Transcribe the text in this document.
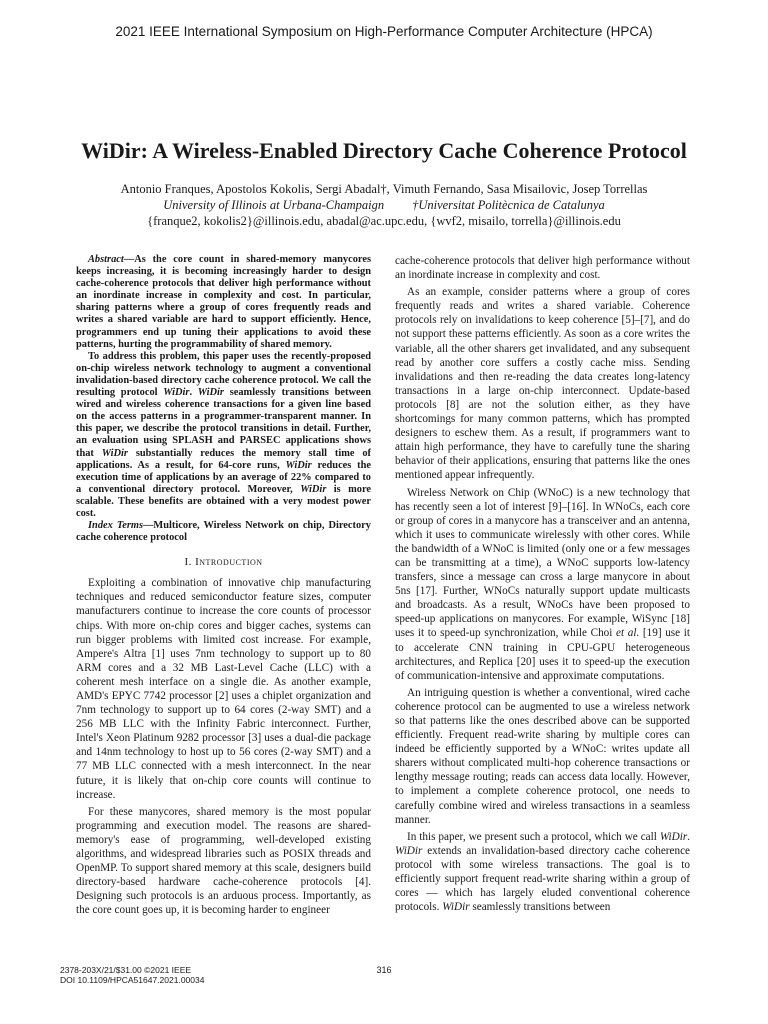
2021 IEEE International Symposium on High-Performance Computer Architecture (HPCA)
WiDir: A Wireless-Enabled Directory Cache Coherence Protocol
Antonio Franques, Apostolos Kokolis, Sergi Abadal†, Vimuth Fernando, Sasa Misailovic, Josep Torrellas
University of Illinois at Urbana-Champaign †Universitat Politècnica de Catalunya
{franque2, kokolis2}@illinois.edu, abadal@ac.upc.edu, {wvf2, misailo, torrella}@illinois.edu

Abstract—As the core count in shared-memory manycores keeps increasing, it is becoming increasingly harder to design cache-coherence protocols that deliver high performance without an inordinate increase in complexity and cost. In particular, sharing patterns where a group of cores frequently reads and writes a shared variable are hard to support efficiently. Hence, programmers end up tuning their applications to avoid these patterns, hurting the programmability of shared memory.

To address this problem, this paper uses the recently-proposed on-chip wireless network technology to augment a conventional invalidation-based directory cache coherence protocol. We call the resulting protocol WiDir. WiDir seamlessly transitions between wired and wireless coherence transactions for a given line based on the access patterns in a programmer-transparent manner. In this paper, we describe the protocol transitions in detail. Further, an evaluation using SPLASH and PARSEC applications shows that WiDir substantially reduces the memory stall time of applications. As a result, for 64-core runs, WiDir reduces the execution time of applications by an average of 22% compared to a conventional directory protocol. Moreover, WiDir is more scalable. These benefits are obtained with a very modest power cost.

Index Terms—Multicore, Wireless Network on chip, Directory cache coherence protocol

I. Introduction

Exploiting a combination of innovative chip manufacturing techniques and reduced semiconductor feature sizes, computer manufacturers continue to increase the core counts of processor chips. With more on-chip cores and bigger caches, systems can run bigger problems with limited cost increase. For example, Ampere's Altra [1] uses 7nm technology to support up to 80 ARM cores and a 32 MB Last-Level Cache (LLC) with a coherent mesh interface on a single die. As another example, AMD's EPYC 7742 processor [2] uses a chiplet organization and 7nm technology to support up to 64 cores (2-way SMT) and a 256 MB LLC with the Infinity Fabric interconnect. Further, Intel's Xeon Platinum 9282 processor [3] uses a dual-die package and 14nm technology to host up to 56 cores (2-way SMT) and a 77 MB LLC connected with a mesh interconnect. In the near future, it is likely that on-chip core counts will continue to increase.

For these manycores, shared memory is the most popular programming and execution model. The reasons are shared-memory's ease of programming, well-developed existing algorithms, and widespread libraries such as POSIX threads and OpenMP. To support shared memory at this scale, designers build directory-based hardware cache-coherence protocols [4]. Designing such protocols is an arduous process. Importantly, as the core count goes up, it is becoming harder to engineer

cache-coherence protocols that deliver high performance without an inordinate increase in complexity and cost.

As an example, consider patterns where a group of cores frequently reads and writes a shared variable. Coherence protocols rely on invalidations to keep coherence [5]–[7], and do not support these patterns efficiently. As soon as a core writes the variable, all the other sharers get invalidated, and any subsequent read by another core suffers a costly cache miss. Sending invalidations and then re-reading the data creates long-latency transactions in a large on-chip interconnect. Update-based protocols [8] are not the solution either, as they have shortcomings for many common patterns, which has prompted designers to eschew them. As a result, if programmers want to attain high performance, they have to carefully tune the sharing behavior of their applications, ensuring that patterns like the ones mentioned appear infrequently.

Wireless Network on Chip (WNoC) is a new technology that has recently seen a lot of interest [9]–[16]. In WNoCs, each core or group of cores in a manycore has a transceiver and an antenna, which it uses to communicate wirelessly with other cores. While the bandwidth of a WNoC is limited (only one or a few messages can be transmitting at a time), a WNoC supports low-latency transfers, since a message can cross a large manycore in about 5ns [17]. Further, WNoCs naturally support update multicasts and broadcasts. As a result, WNoCs have been proposed to speed-up applications on manycores. For example, WiSync [18] uses it to speed-up synchronization, while Choi et al. [19] use it to accelerate CNN training in CPU-GPU heterogeneous architectures, and Replica [20] uses it to speed-up the execution of communication-intensive and approximate computations.

An intriguing question is whether a conventional, wired cache coherence protocol can be augmented to use a wireless network so that patterns like the ones described above can be supported efficiently. Frequent read-write sharing by multiple cores can indeed be efficiently supported by a WNoC: writes update all sharers without complicated multi-hop coherence transactions or lengthy message routing; reads can access data locally. However, to implement a complete coherence protocol, one needs to carefully combine wired and wireless transactions in a seamless manner.

In this paper, we present such a protocol, which we call WiDir. WiDir extends an invalidation-based directory cache coherence protocol with some wireless transactions. The goal is to efficiently support frequent read-write sharing within a group of cores — which has largely eluded conventional coherence protocols. WiDir seamlessly transitions between

2378-203X/21/$31.00 ©2021 IEEE
DOI 10.1109/HPCA51647.2021.00034
316
